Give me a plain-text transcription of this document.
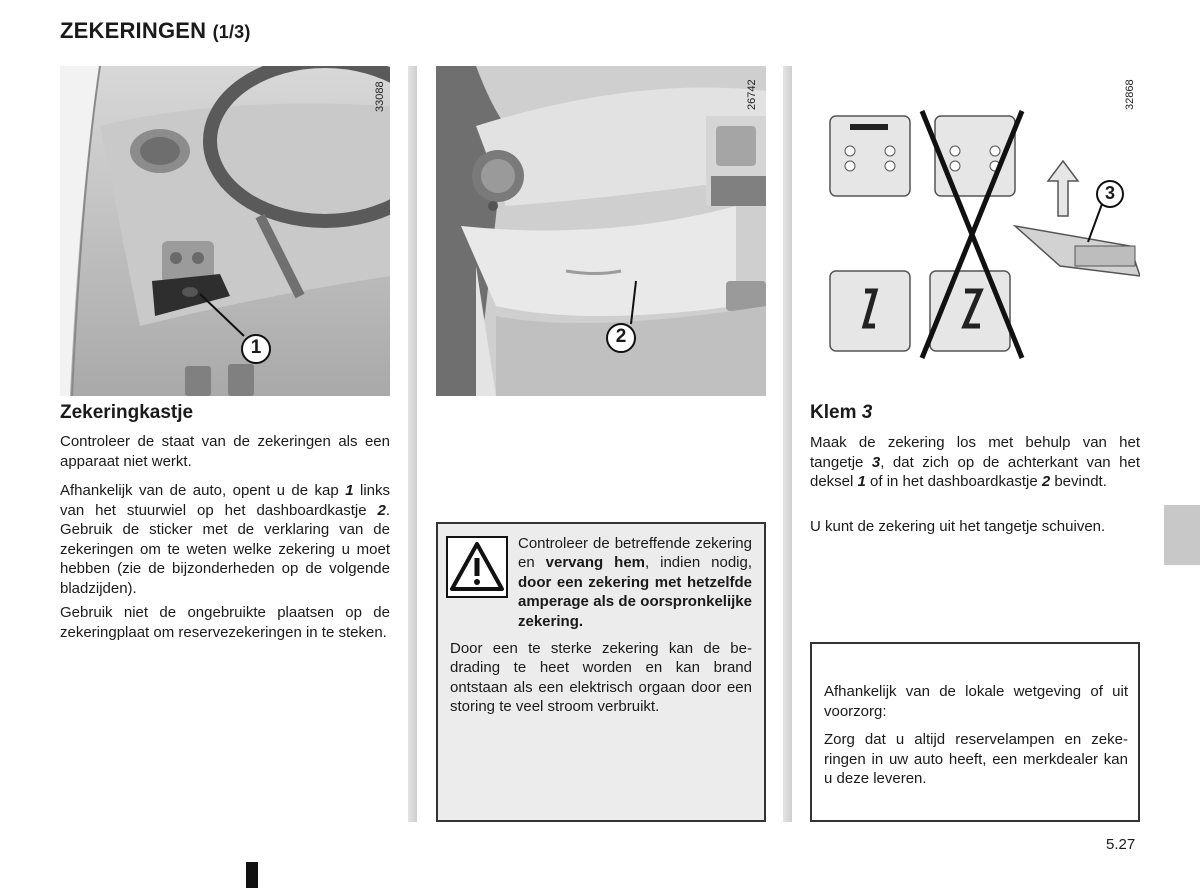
ZEKERINGEN (1/3)
1
33088
2
26742
3
32868
Zekeringkastje
Controleer de staat van de zekeringen als een apparaat niet werkt.
Afhankelijk van de auto, opent u de kap 1 links van het stuurwiel op het dashboardkastje 2. Gebruik de sticker met de verklaring van de zekeringen om te weten welke zekering u moet hebben (zie de bijzonderheden op de volgende bladzijden).
Gebruik niet de ongebruikte plaatsen op de zekeringplaat om reservezekeringen in te steken.
Controleer de betreffende zekering en vervang hem, indien nodig, door een zekering met hetzelfde amperage als de oorspronkelijke zekering.
Door een te sterke zekering kan de bedrading te heet worden en kan brand ontstaan als een elektrisch orgaan door een storing te veel stroom verbruikt.
Klem 3
Maak de zekering los met behulp van het tangetje 3, dat zich op de achterkant van het deksel 1 of in het dashboardkastje 2 bevindt.
U kunt de zekering uit het tangetje schuiven.
Afhankelijk van de lokale wetgeving of uit voorzorg:
Zorg dat u altijd reservelampen en zekeringen in uw auto heeft, een merkdealer kan u deze leveren.
5.27
